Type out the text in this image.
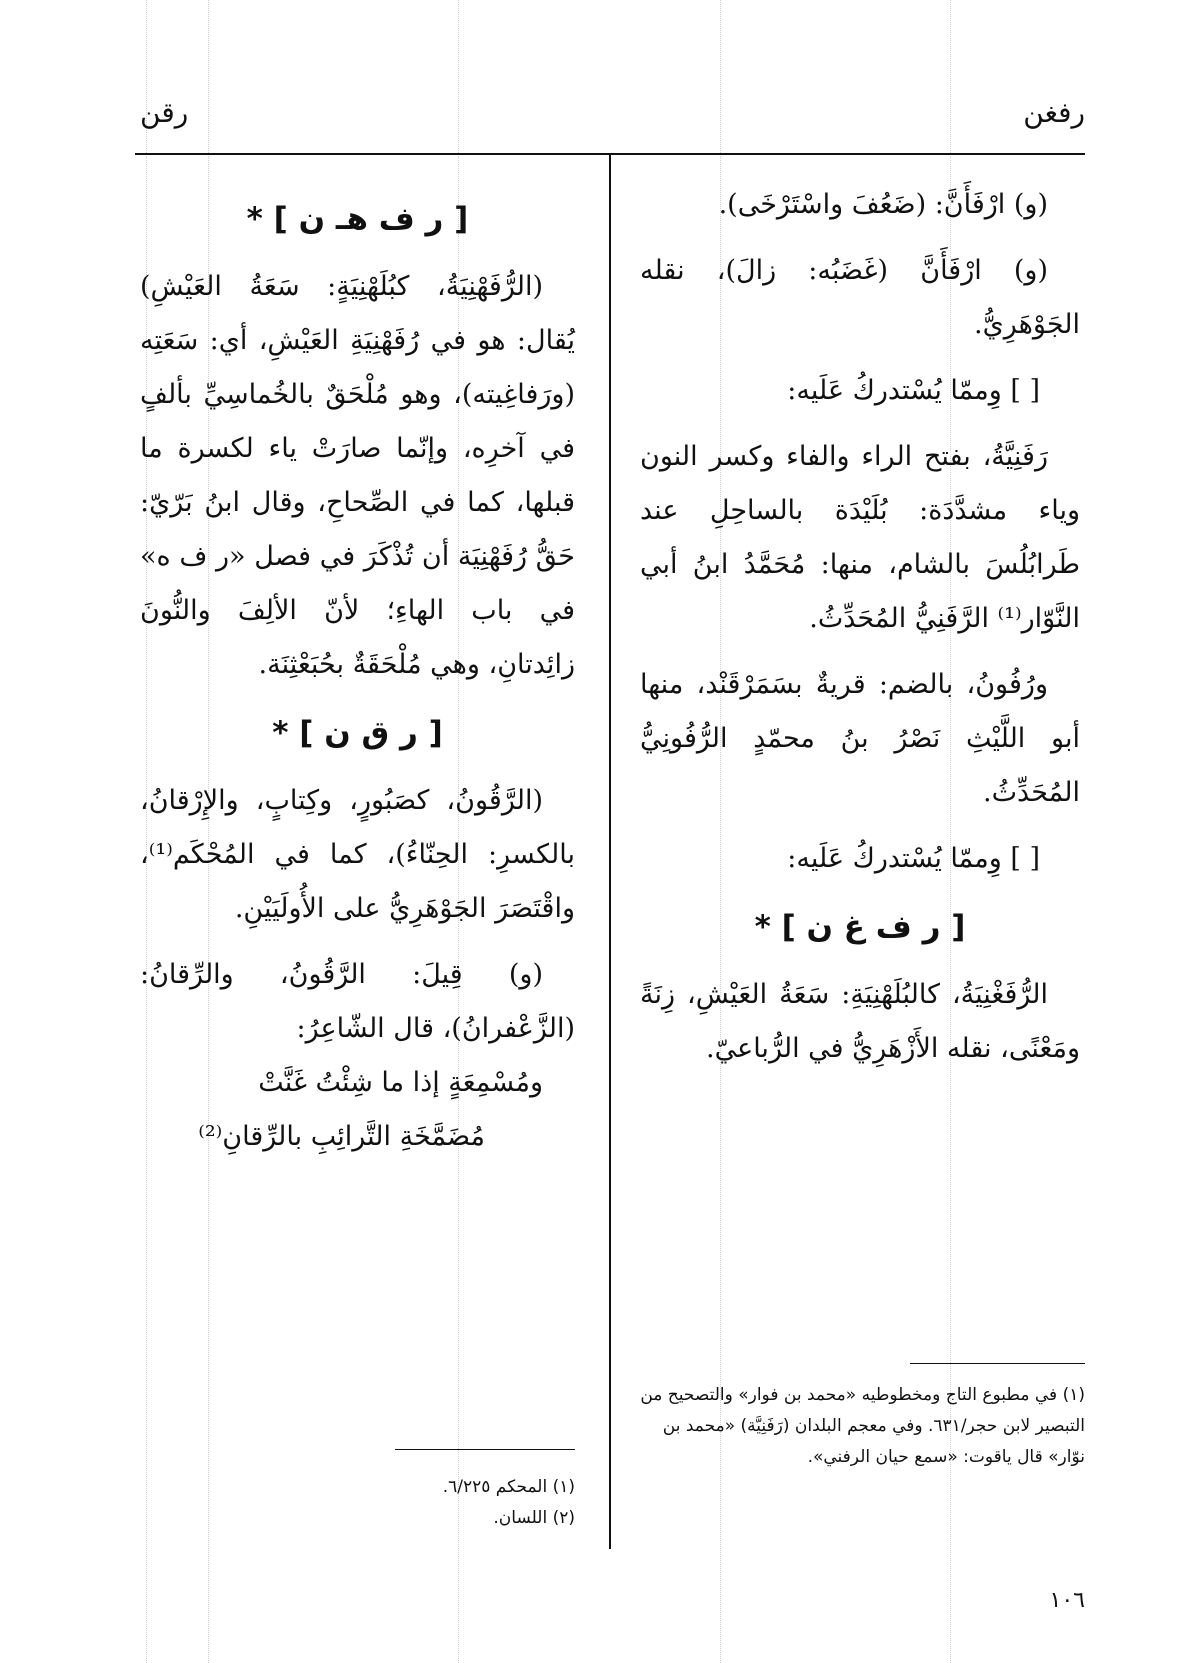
رفغن
رقن

(و) ارْفَأَنَّ: (ضَعُفَ واسْتَرْخَى).

(و) ارْفَأَنَّ (غَضَبُه: زالَ)، نقله الجَوْهَرِيُّ.

[ ] وِممّا يُسْتدركُ عَلَيه:

رَفَنِيَّةُ، بفتح الراء والفاء وكسر النون وياء مشدَّدَة: بُلَيْدَة بالساحِلِ عند طَرابُلُسَ بالشام، منها: مُحَمَّدُ ابنُ أبي النَّوّار⁽¹⁾ الرَّفَنِيُّ المُحَدِّثُ.

ورُفُونُ، بالضم: قريةٌ بسَمَرْقَنْد، منها أبو اللَّيْثِ نَصْرُ بنُ محمّدٍ الرُّفُونِيُّ المُحَدِّثُ.

[ ] وِممّا يُسْتدركُ عَلَيه:

[ ر ف غ ن ] *

الرُّفَغْنِيَةُ، كالبُلَهْنِيَةِ: سَعَةُ العَيْشِ، زِنَةً ومَعْنًى، نقله الأَزْهَرِيُّ في الرُّباعيّ.

[ ر ف هـ ن ] *

(الرُّفَهْنِيَةُ، كبُلَهْنِيَةٍ: سَعَةُ العَيْشِ) يُقال: هو في رُفَهْنِيَةِ العَيْشِ، أي: سَعَتِه (ورَفاغِيته)، وهو مُلْحَقٌ بالخُماسِيِّ بألفٍ في آخرِه، وإنّما صارَتْ ياء لكسرة ما قبلها، كما في الصِّحاحِ، وقال ابنُ بَرّيّ: حَقُّ رُفَهْنِيَة أن تُذْكَرَ في فصل «ر ف ه» في باب الهاءِ؛ لأنّ الألِفَ والنُّونَ زائِدتانِ، وهي مُلْحَقَةٌ بحُبَعْثِنَة.

[ ر ق ن ] *

(الرَّقُونُ، كصَبُورٍ، وكِتابٍ، والإِرْقانُ، بالكسرِ: الحِنّاءُ)، كما في المُحْكَم⁽¹⁾، واقْتَصَرَ الجَوْهَرِيُّ على الأُولَيَيْنِ.

(و) قِيلَ: الرَّقُونُ، والرِّقانُ: (الزَّعْفرانُ)، قال الشّاعِرُ:

ومُسْمِعَةٍ إذا ما شِئْتُ غَنَّتْ

مُضَمَّخَةِ التَّرائِبِ بالرِّقانِ⁽²⁾

(١) في مطبوع التاج ومخطوطيه «محمد بن فوار» والتصحيح من التبصير لابن حجر/٦٣١. وفي معجم البلدان (رَفَنِيَّة) «محمد بن نوّار» قال ياقوت: «سمع حيان الرفني».

(١) المحكم ٦/٢٢٥.

(٢) اللسان.

١٠٦
